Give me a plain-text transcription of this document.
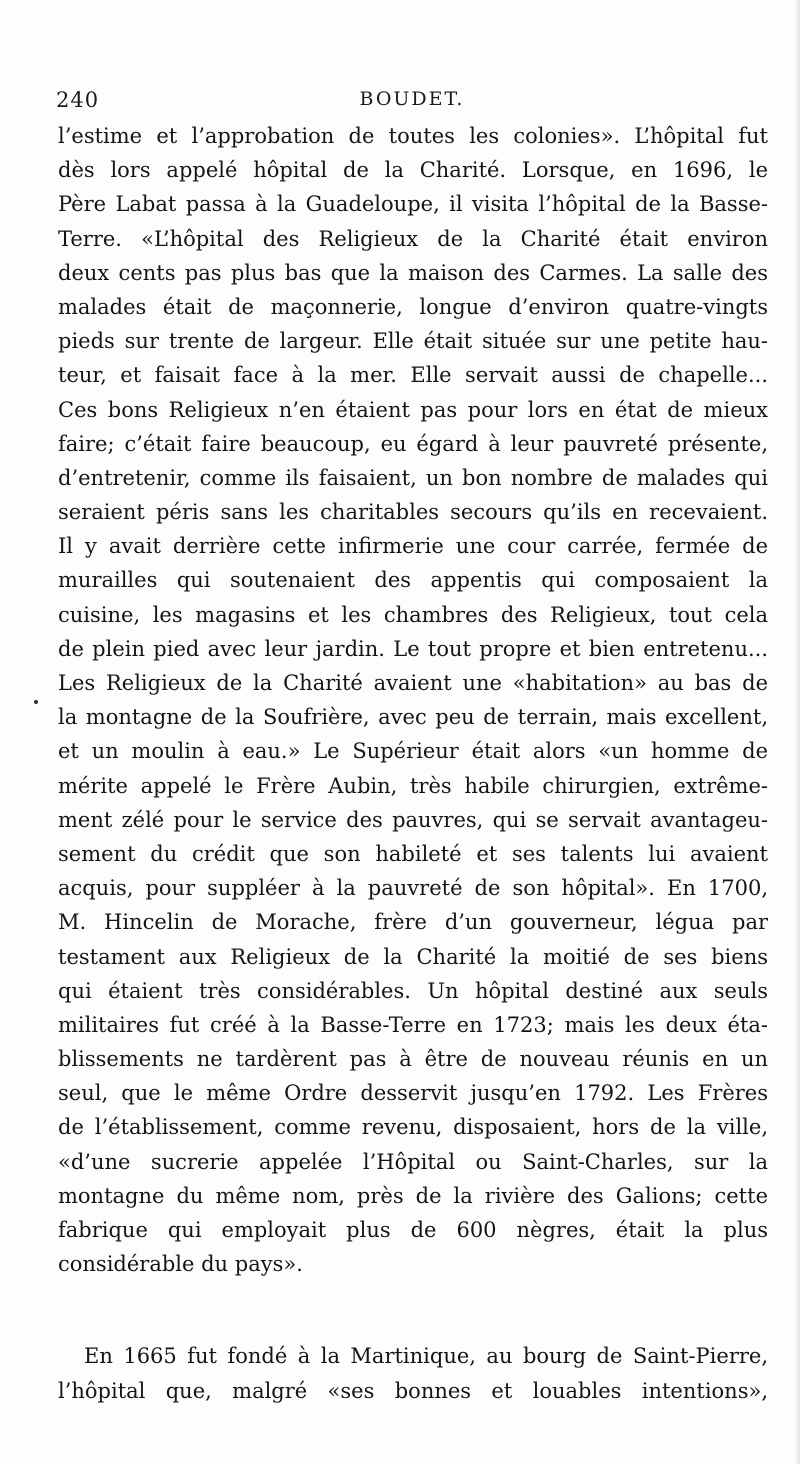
240	BOUDET.
l’estime et l’approbation de toutes les colonies». L’hôpital fut
dès lors appelé hôpital de la Charité. Lorsque, en 1696, le
Père Labat passa à la Guadeloupe, il visita l’hôpital de la Basse-
Terre. «L’hôpital des Religieux de la Charité était environ
deux cents pas plus bas que la maison des Carmes. La salle des
malades était de maçonnerie, longue d’environ quatre-vingts
pieds sur trente de largeur. Elle était située sur une petite hau-
teur, et faisait face à la mer. Elle servait aussi de chapelle...
Ces bons Religieux n’en étaient pas pour lors en état de mieux
faire; c’était faire beaucoup, eu égard à leur pauvreté présente,
d’entretenir, comme ils faisaient, un bon nombre de malades qui
seraient péris sans les charitables secours qu’ils en recevaient.
Il y avait derrière cette infirmerie une cour carrée, fermée de
murailles qui soutenaient des appentis qui composaient la
cuisine, les magasins et les chambres des Religieux, tout cela
de plein pied avec leur jardin. Le tout propre et bien entretenu...
Les Religieux de la Charité avaient une «habitation» au bas de
la montagne de la Soufrière, avec peu de terrain, mais excellent,
et un moulin à eau.» Le Supérieur était alors «un homme de
mérite appelé le Frère Aubin, très habile chirurgien, extrême-
ment zélé pour le service des pauvres, qui se servait avantageu-
sement du crédit que son habileté et ses talents lui avaient
acquis, pour suppléer à la pauvreté de son hôpital». En 1700,
M. Hincelin de Morache, frère d’un gouverneur, légua par
testament aux Religieux de la Charité la moitié de ses biens
qui étaient très considérables. Un hôpital destiné aux seuls
militaires fut créé à la Basse-Terre en 1723; mais les deux éta-
blissements ne tardèrent pas à être de nouveau réunis en un
seul, que le même Ordre desservit jusqu’en 1792. Les Frères
de l’établissement, comme revenu, disposaient, hors de la ville,
«d’une sucrerie appelée l’Hôpital ou Saint-Charles, sur la
montagne du même nom, près de la rivière des Galions; cette
fabrique qui employait plus de 600 nègres, était la plus
considérable du pays».
En 1665 fut fondé à la Martinique, au bourg de Saint-Pierre,
l’hôpital que, malgré «ses bonnes et louables intentions»,
